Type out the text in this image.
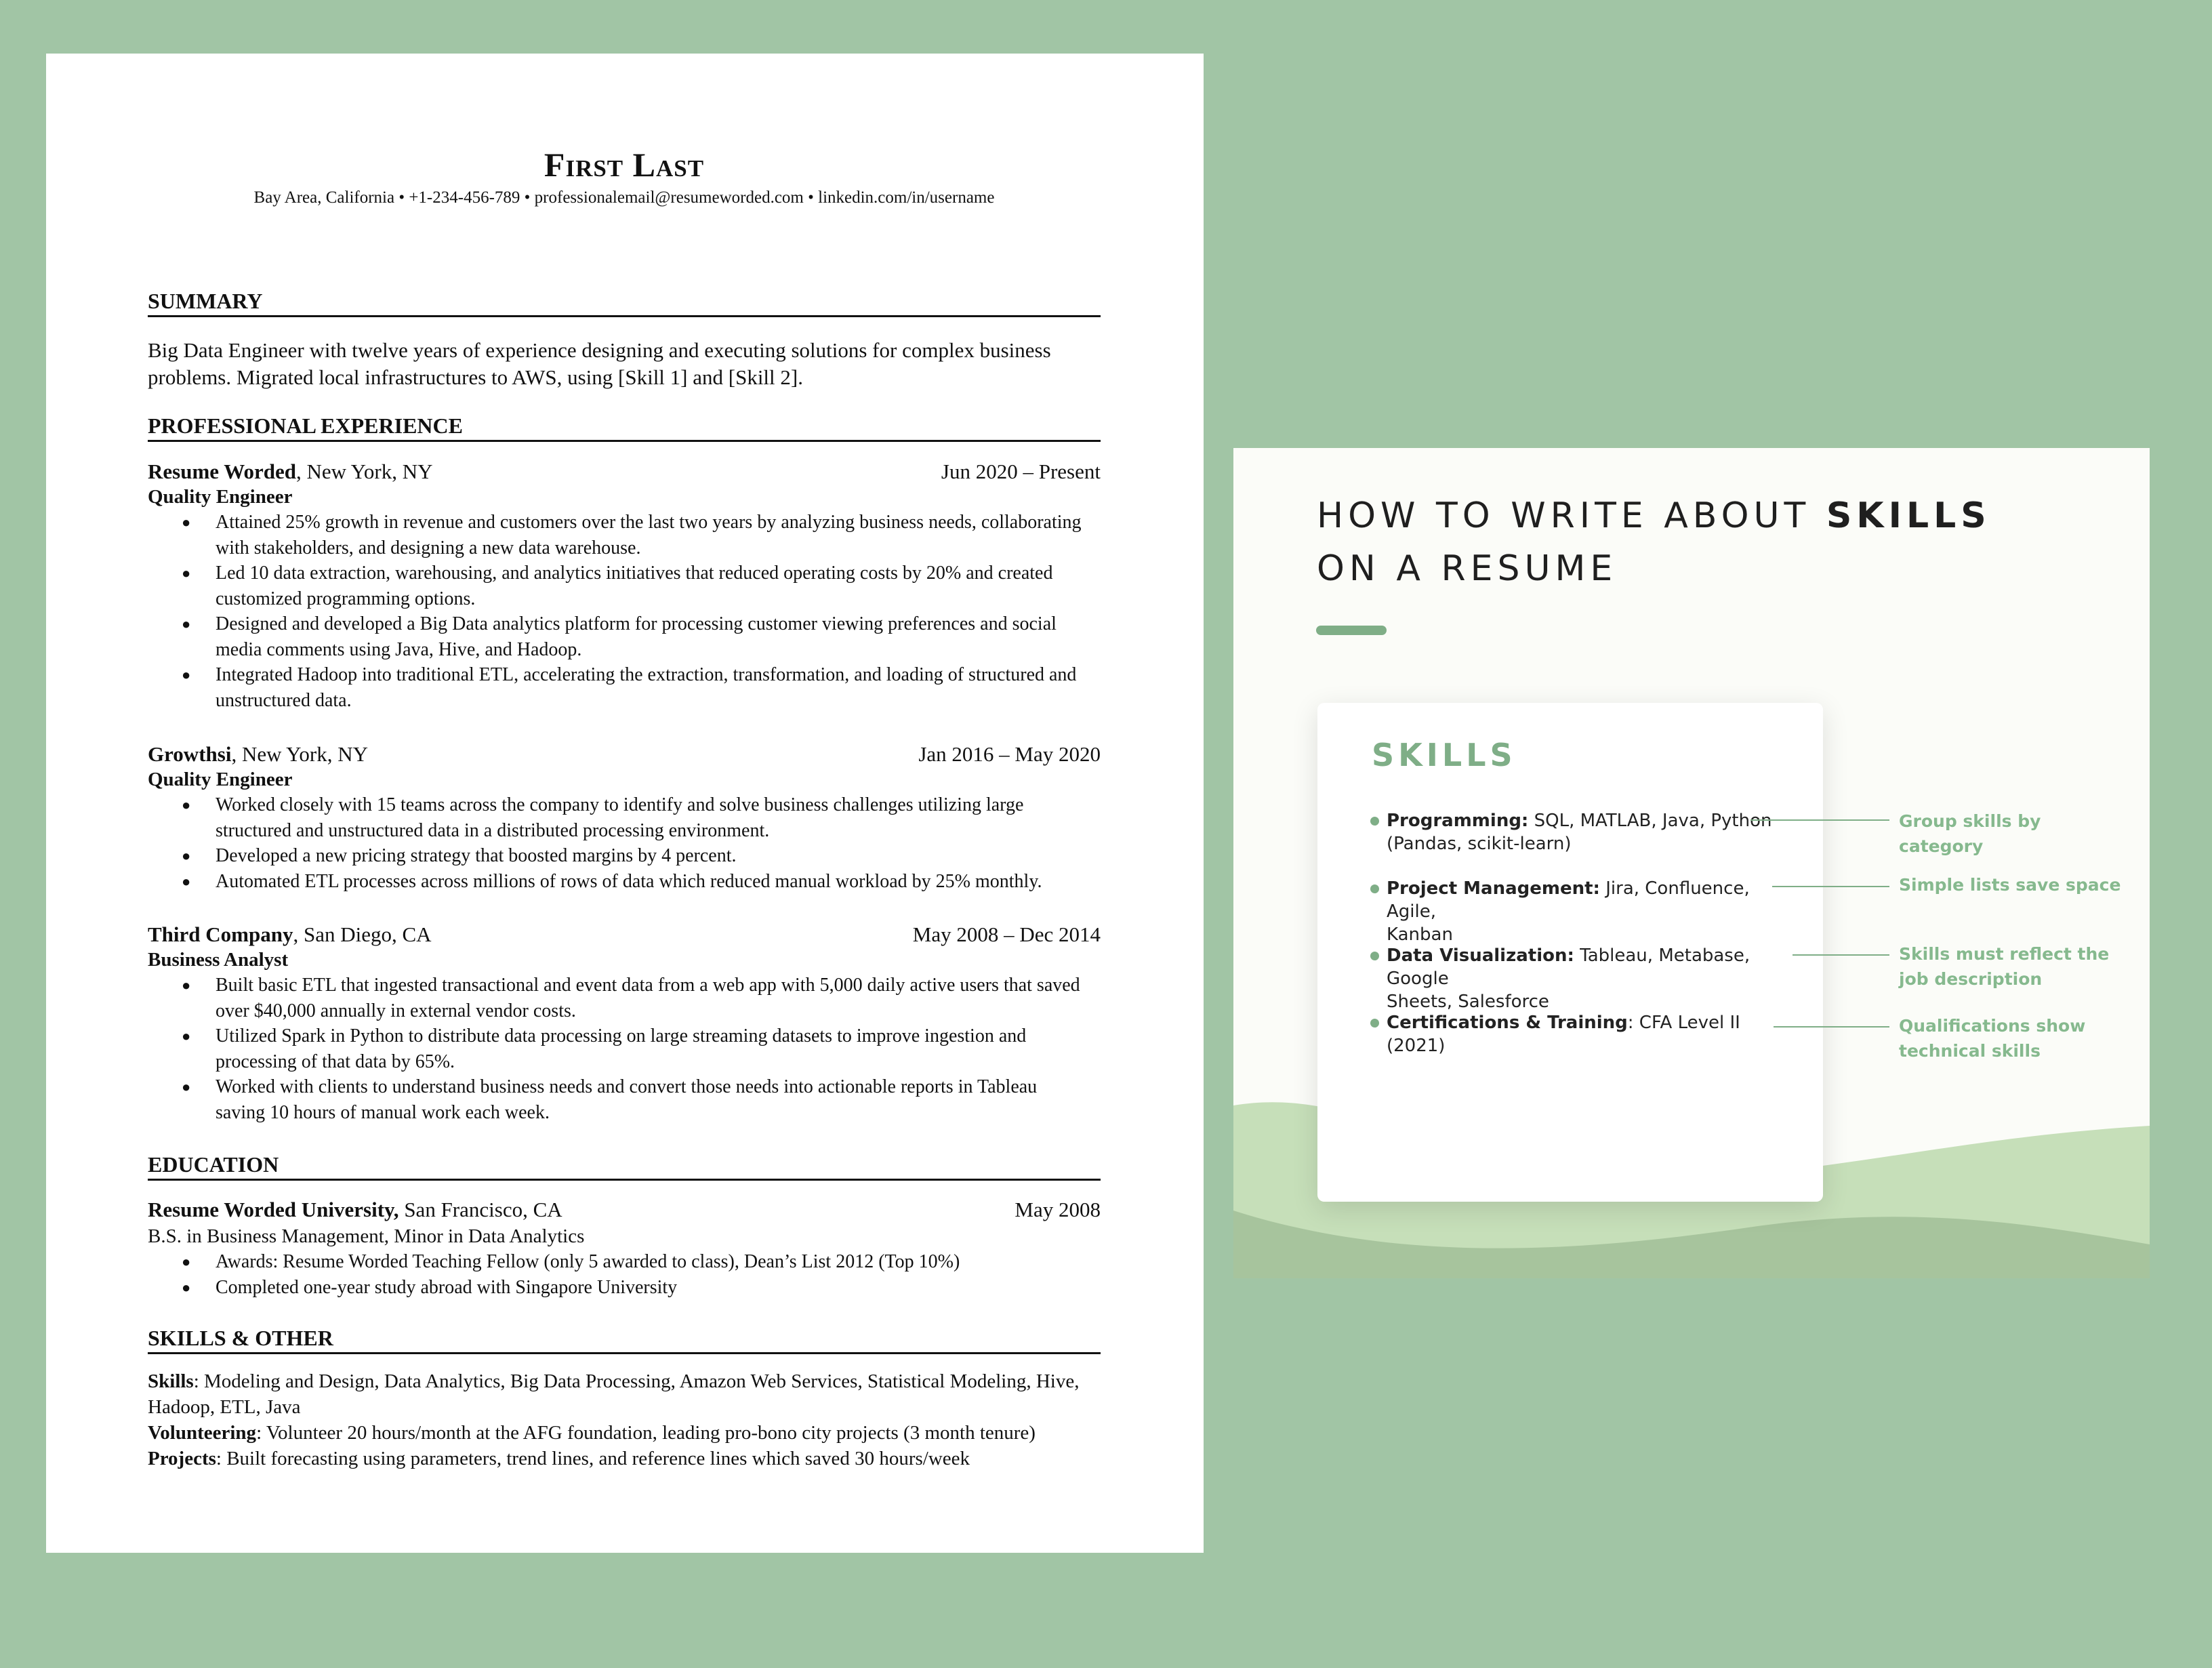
First Last
Bay Area, California • +1-234-456-789 • professionalemail@resumeworded.com • linkedin.com/in/username
SUMMARY
Big Data Engineer with twelve years of experience designing and executing solutions for complex business
problems. Migrated local infrastructures to AWS, using [Skill 1] and [Skill 2].
PROFESSIONAL EXPERIENCE
Resume Worded, New York, NY	Jun 2020 – Present
Quality Engineer
● Attained 25% growth in revenue and customers over the last two years by analyzing business needs, collaborating with stakeholders, and designing a new data warehouse.
● Led 10 data extraction, warehousing, and analytics initiatives that reduced operating costs by 20% and created customized programming options.
● Designed and developed a Big Data analytics platform for processing customer viewing preferences and social media comments using Java, Hive, and Hadoop.
● Integrated Hadoop into traditional ETL, accelerating the extraction, transformation, and loading of structured and unstructured data.
Growthsi, New York, NY	Jan 2016 – May 2020
Quality Engineer
● Worked closely with 15 teams across the company to identify and solve business challenges utilizing large structured and unstructured data in a distributed processing environment.
● Developed a new pricing strategy that boosted margins by 4 percent.
● Automated ETL processes across millions of rows of data which reduced manual workload by 25% monthly.
Third Company, San Diego, CA	May 2008 – Dec 2014
Business Analyst
● Built basic ETL that ingested transactional and event data from a web app with 5,000 daily active users that saved over $40,000 annually in external vendor costs.
● Utilized Spark in Python to distribute data processing on large streaming datasets to improve ingestion and processing of that data by 65%.
● Worked with clients to understand business needs and convert those needs into actionable reports in Tableau saving 10 hours of manual work each week.
EDUCATION
Resume Worded University, San Francisco, CA	May 2008
B.S. in Business Management, Minor in Data Analytics
● Awards: Resume Worded Teaching Fellow (only 5 awarded to class), Dean’s List 2012 (Top 10%)
● Completed one-year study abroad with Singapore University
SKILLS & OTHER
Skills: Modeling and Design, Data Analytics, Big Data Processing, Amazon Web Services, Statistical Modeling, Hive,
Hadoop, ETL, Java
Volunteering: Volunteer 20 hours/month at the AFG foundation, leading pro-bono city projects (3 month tenure)
Projects: Built forecasting using parameters, trend lines, and reference lines which saved 30 hours/week
HOW TO WRITE ABOUT SKILLS
ON A RESUME
SKILLS
Programming: SQL, MATLAB, Java, Python
(Pandas, scikit-learn)
Project Management: Jira, Confluence, Agile,
Kanban
Data Visualization: Tableau, Metabase, Google
Sheets, Salesforce
Certifications & Training: CFA Level II (2021)
Group skills by category
Simple lists save space
Skills must reflect the
job description
Qualifications show
technical skills
